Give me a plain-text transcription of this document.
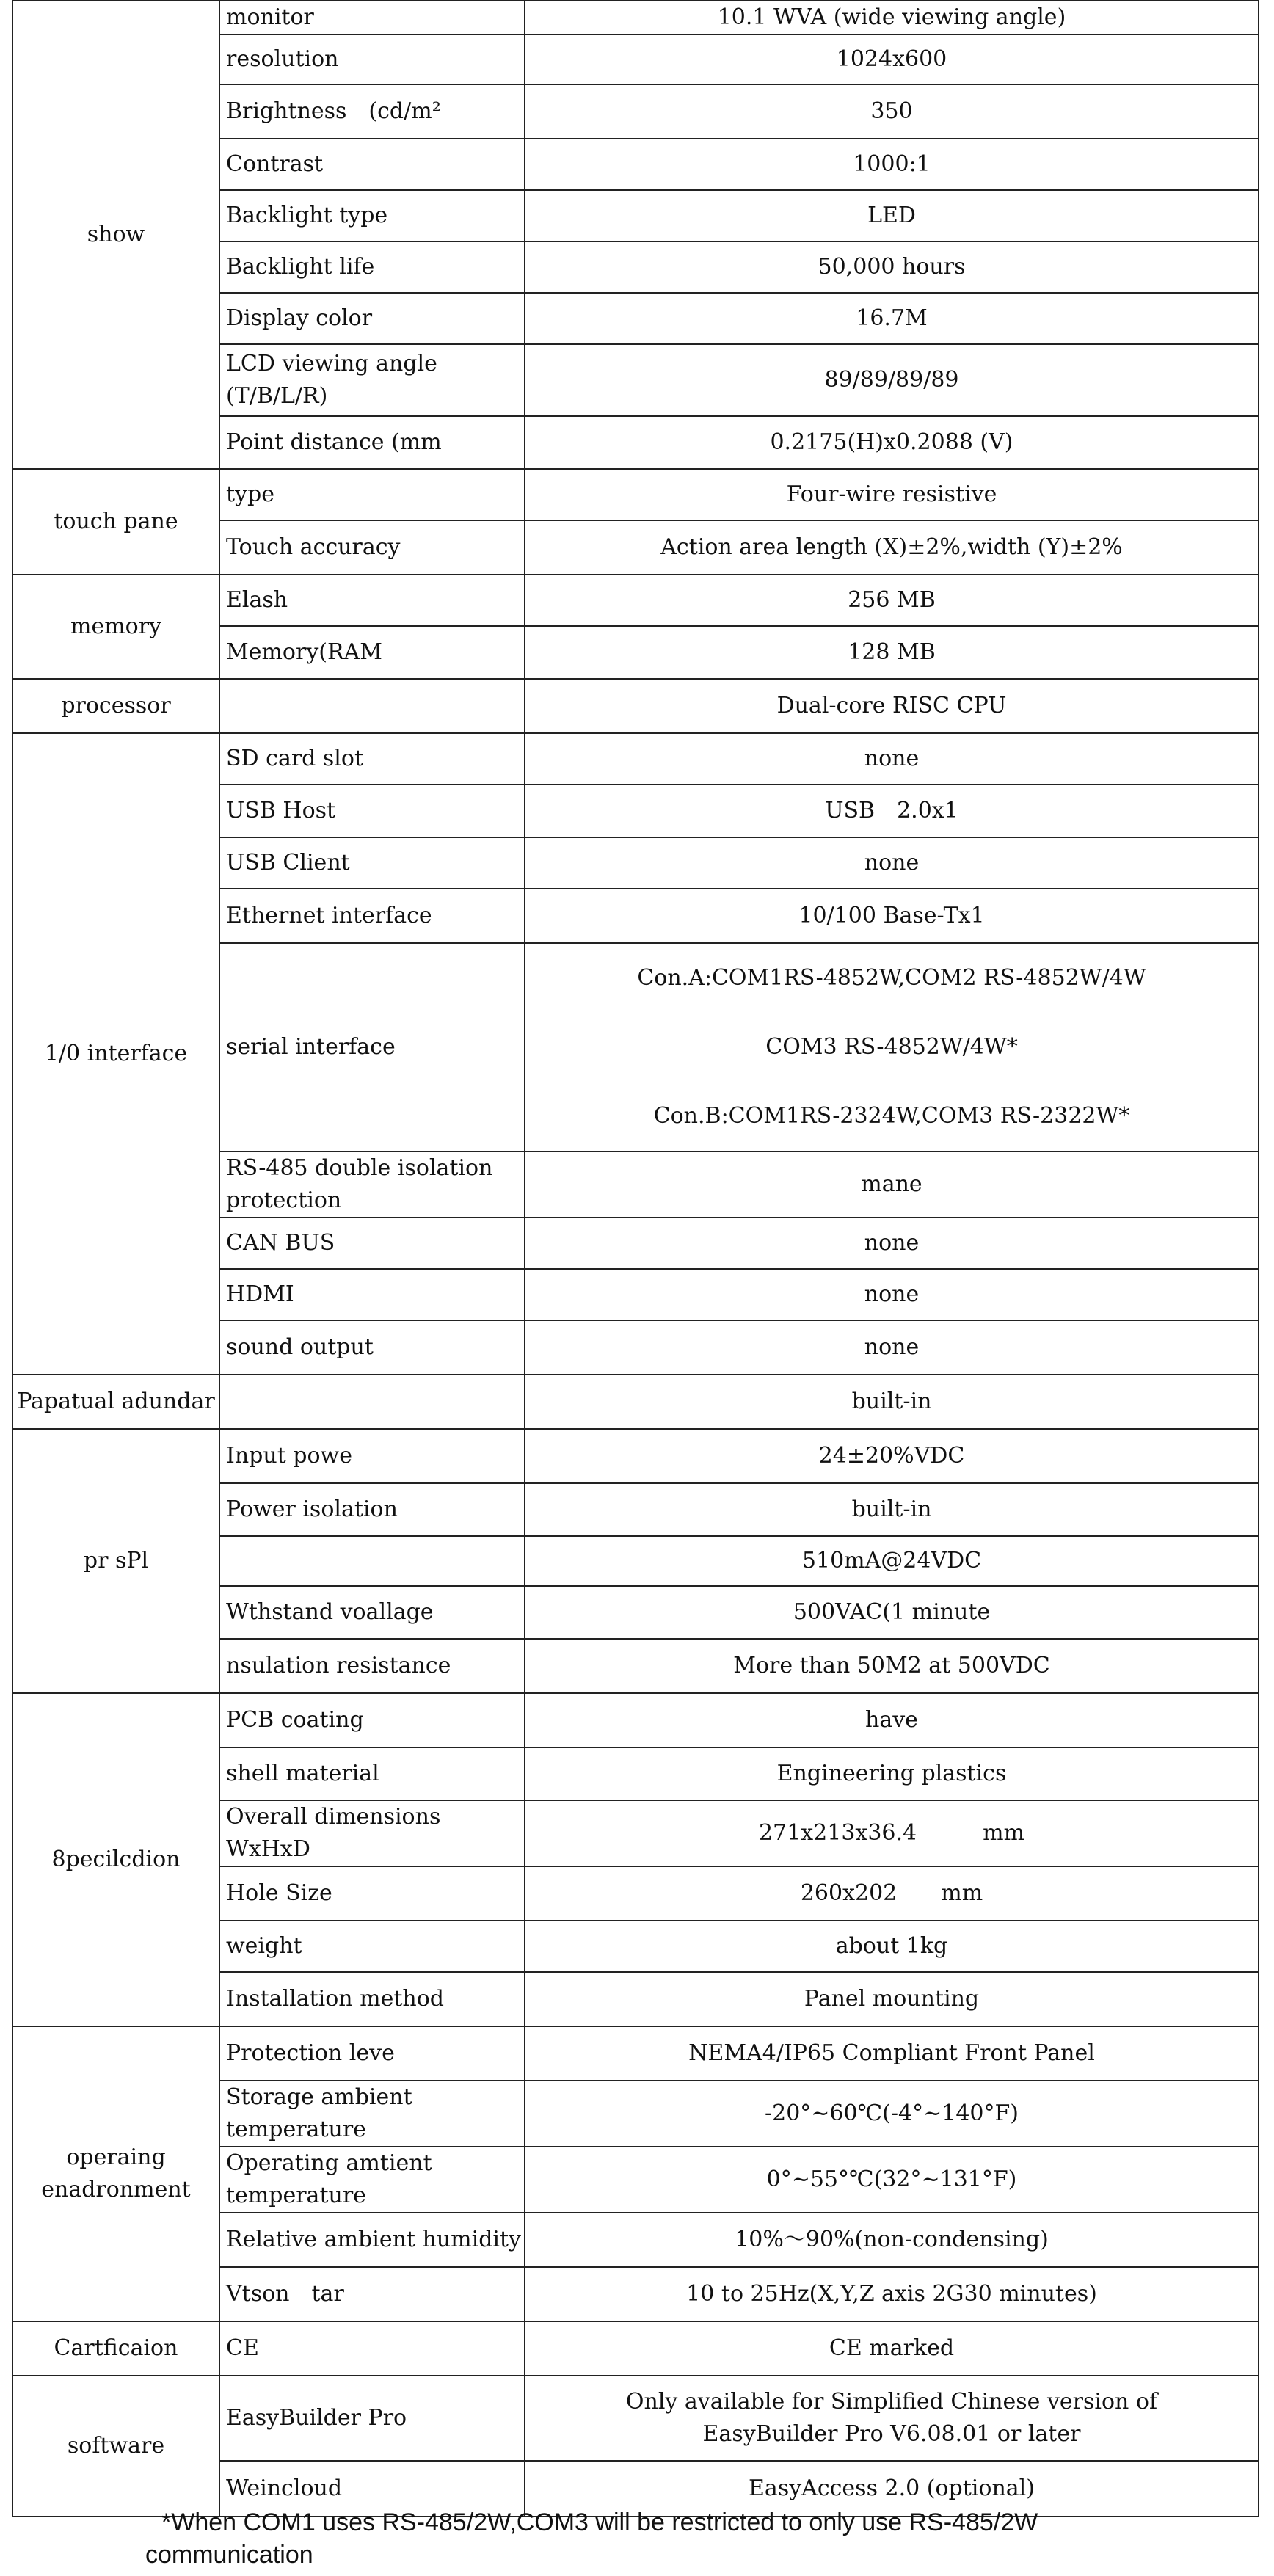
show	monitor	10.1 WVA (wide viewing angle)
	resolution	1024x600
	Brightness　(cd/m²	350
	Contrast	1000:1
	Backlight type	LED
	Backlight life	50,000 hours
	Display color	16.7M
	LCD viewing angle (T/B/L/R)	89/89/89/89
	Point distance (mm	0.2175(H)x0.2088 (V)
touch pane	type	Four-wire resistive
	Touch accuracy	Action area length (X)±2%,width (Y)±2%
memory	Elash	256 MB
	Memory(RAM	128 MB
processor		Dual-core RISC CPU
1/0 interface	SD card slot	none
	USB Host	USB　2.0x1
	USB Client	none
	Ethernet interface	10/100 Base-Tx1
	serial interface	Con.A:COM1RS-4852W,COM2 RS-4852W/4W
COM3 RS-4852W/4W*
Con.B:COM1RS-2324W,COM3 RS-2322W*

	RS-485 double isolation protection	mane
	CAN BUS	none
	HDMI	none
	sound output	none
Papatual adundar		built-in
pr sPl	Input powe	24±20%VDC
	Power isolation	built-in
		510mA@24VDC
	Wthstand voallage	500VAC(1 minute
	nsulation resistance	More than 50M2 at 500VDC
8pecilcdion	PCB coating	have
	shell material	Engineering plastics
	Overall dimensions WxHxD	271x213x36.4　　　mm
	Hole Size	260x202　　mm
	weight	about 1kg
	Installation method	Panel mounting
operaing enadronment	Protection leve	NEMA4/IP65 Compliant Front Panel
	Storage ambient temperature	-20°~60℃(-4°~140°F)
	Operating amtient temperature	0°~55°℃(32°~131°F)
	Relative ambient humidity	10%～90%(non-condensing)
	Vtson　tar	10 to 25Hz(X,Y,Z axis 2G30 minutes)
Cartficaion	CE	CE marked
software	EasyBuilder Pro	Only available for Simplified Chinese version of
EasyBuilder Pro V6.08.01 or later

	Weincloud	EasyAccess 2.0 (optional)
*When COM1 uses RS-485/2W,COM3 will be restricted to only use RS-485/2W
communication
